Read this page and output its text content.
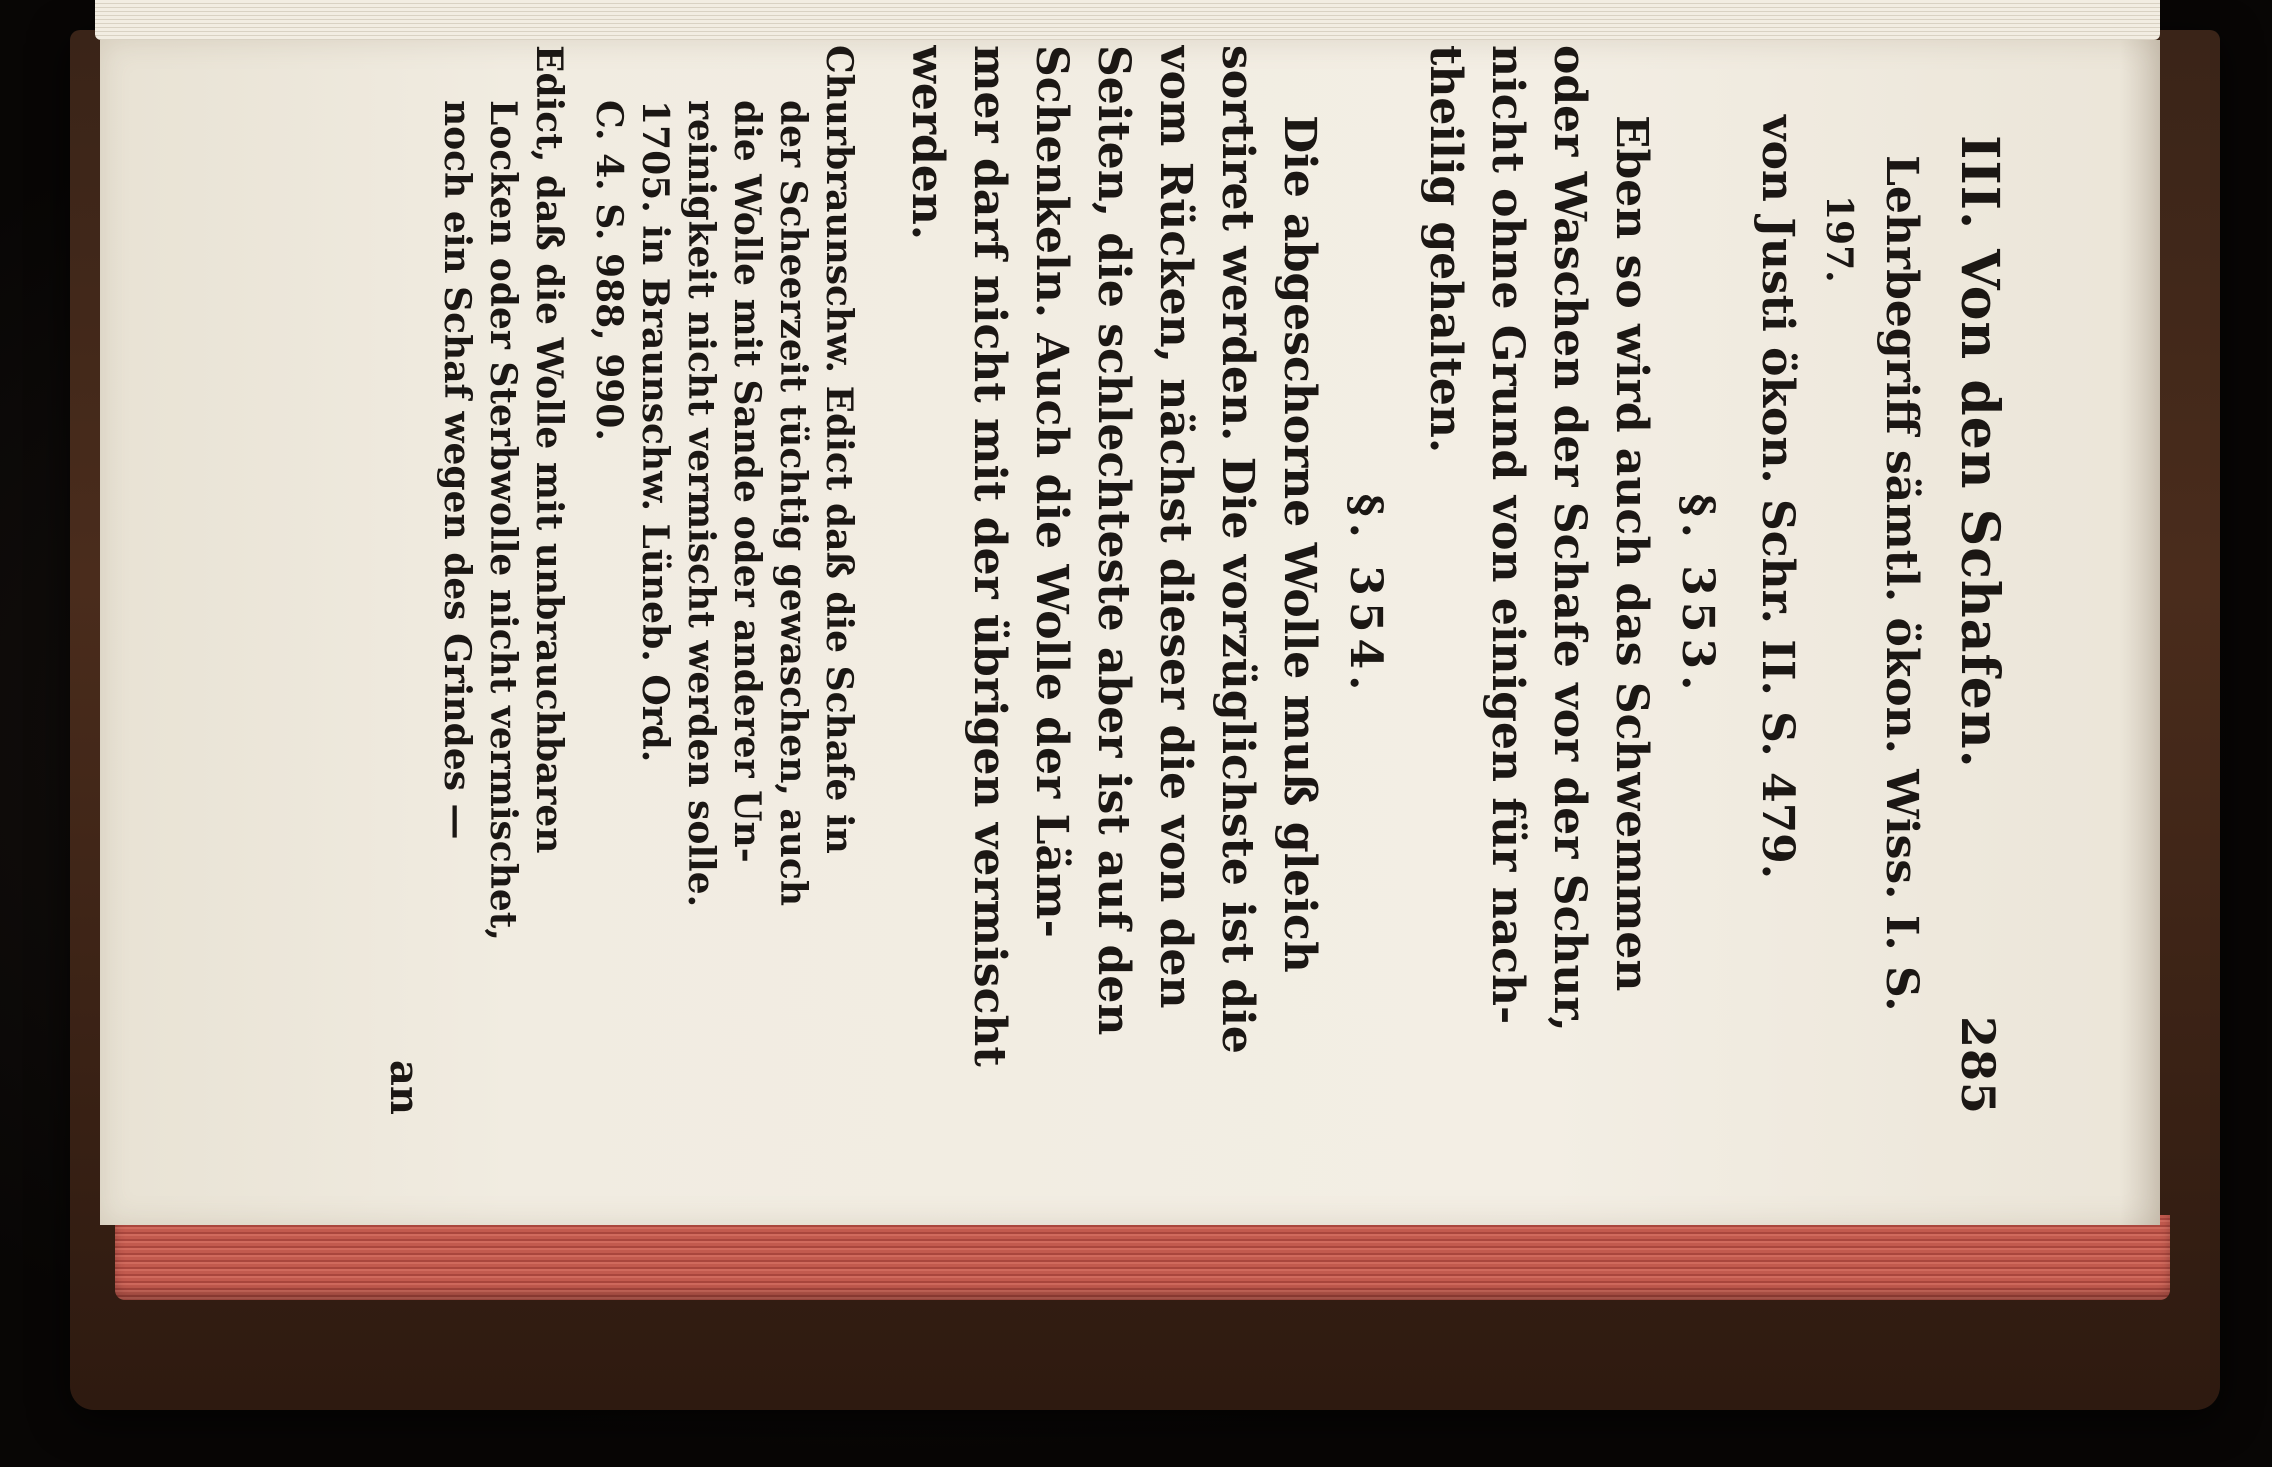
III. Von den Schafen.
285
Lehrbegriff sämtl. ökon. Wiss. I. S.
197.
von Justi ökon. Schr. II. S. 479.
§. 353.
Eben so wird auch das Schwemmen
oder Waschen der Schafe vor der Schur,
nicht ohne Grund von einigen für nach-
theilig gehalten.
§. 354.
Die abgeschorne Wolle muß gleich
sortiret werden. Die vorzüglichste ist die
vom Rücken, nächst dieser die von den
Seiten, die schlechteste aber ist auf den
Schenkeln. Auch die Wolle der Läm-
mer darf nicht mit der übrigen vermischt
werden.
Churbraunschw. Edict daß die Schafe in
der Scheerzeit tüchtig gewaschen, auch
die Wolle mit Sande oder anderer Un-
reinigkeit nicht vermischt werden solle.
1705. in Braunschw. Lüneb. Ord.
C. 4. S. 988, 990.
Edict, daß die Wolle mit unbrauchbaren
Locken oder Sterbwolle nicht vermischet,
noch ein Schaf wegen des Grindes —
an
